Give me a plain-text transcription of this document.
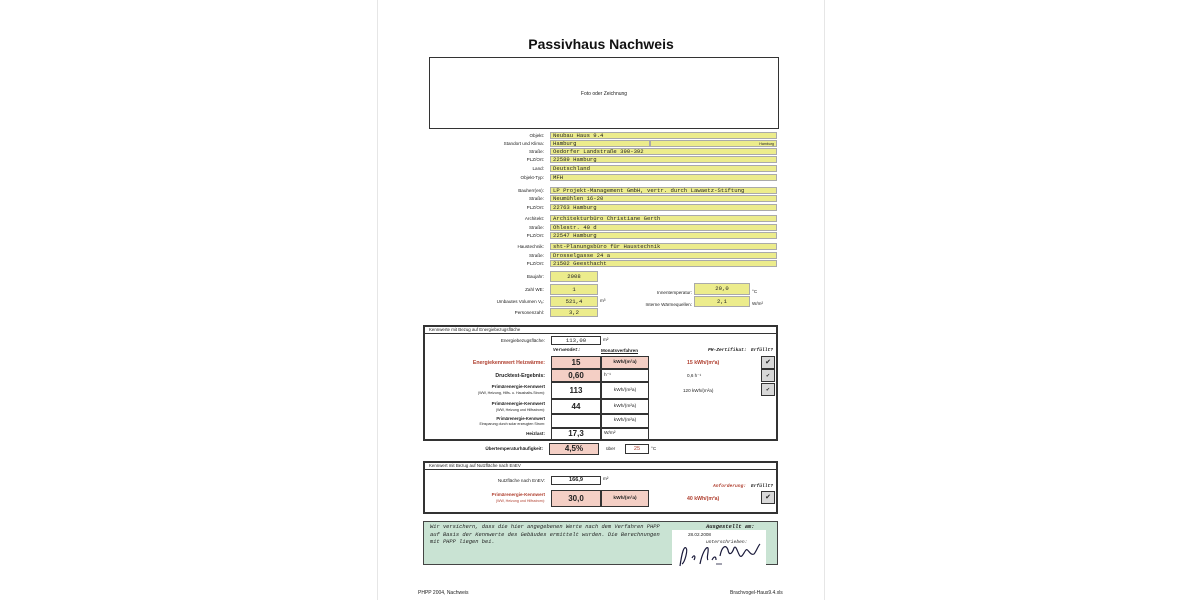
Passivhaus Nachweis
Foto oder Zeichnung
Objekt:	Neubau Haus 9.4
Standort und Klima:	Hamburg	Hamburg
Straße:	Oedorfer Landstraße 390-392
PLZ/Ort:	22589 Hamburg
Land:	Deutschland
Objekt-Typ:	MFH
Bauherr(en):	LP Projekt-Management GmbH, vertr. durch Lawaetz-Stiftung
Straße:	Neumühlen 16-20
PLZ/Ort:	22763 Hamburg
Architekt:	Architekturbüro Christiane Gerth
Straße:	Ohlestr. 40 d
PLZ/Ort:	22547 Hamburg
Haustechnik:	sht-Planungsbüro für Haustechnik
Straße:	Drosselgasse 24 a
PLZ/Ort:	21502 Geesthacht
Baujahr:	2008
Zahl WE:	1
Umbautes Volumen Vₑ:	521,4	m³
Personenzahl:	3,2
Innentemperatur:
20,0	°C
Interne Wärmequellen:	2,1	W/m²
Kennwerte mit Bezug auf Energiebezugsfläche
Energiebezugsfläche:	113,00	m²
Verwendet:	Monatsverfahren	PH-Zertifikat: Erfüllt?
Energiekennwert Heizwärme:	15	kWh/(m²a)	15 kWh/(m²a)	✔
Drucktest-Ergebnis:	0,60	h⁻¹	0,6 h⁻¹	✔
Primärenergie-Kennwert
(WW, Heizung, Hilfs- u. Haushalts-Strom):	113	kWh/(m²a)	120 kWh/(m²a)	✔
Primärenergie-Kennwert
(WW, Heizung und Hilfsstrom):	44	kWh/(m²a)
Primärenergie-Kennwert
Einsparung durch solar erzeugten Strom:
kWh/(m²a)
Heizlast:	17,3	W/m²
Übertemperaturhäufigkeit:	4,5%	über	25	°C
Kennwert mit Bezug auf Nutzfläche nach EnEV
Nutzfläche nach EnEV:	166,9	m²
Anforderung: Erfüllt?
Primärenergie-Kennwert
(WW, Heizung und Hilfsstrom):	30,0	kWh/(m²a)	40 kWh/(m²a)	✔
Wir versichern, dass die hier angegebenen Werte nach dem Verfahren PHPP auf Basis der Kennwerte des Gebäudes ermittelt wurden. Die Berechnungen mit PHPP liegen bei.
Ausgestellt am:
28.02.2008
unterschrieben:
PHPP 2004, Nachweis	Brachvogel-Haus9.4.xls
